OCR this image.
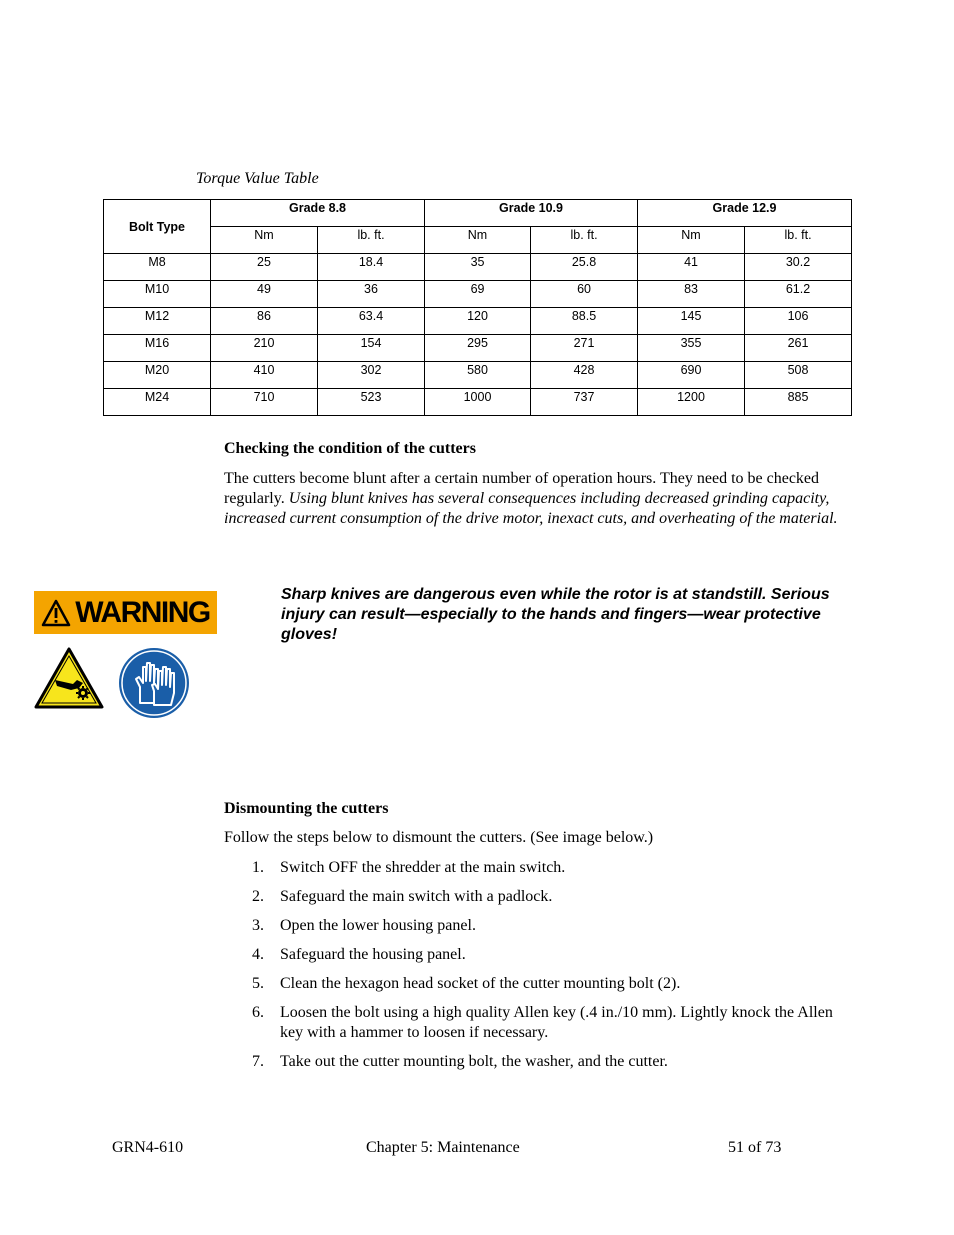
Torque Value Table
Bolt Type	Grade 8.8		Grade 10.9		Grade 12.9	
	Nm	lb. ft.	Nm	lb. ft.	Nm	lb. ft.
M8	25	18.4	35	25.8	41	30.2
M10	49	36	69	60	83	61.2
M12	86	63.4	120	88.5	145	106
M16	210	154	295	271	355	261
M20	410	302	580	428	690	508
M24	710	523	1000	737	1200	885
Checking the condition of the cutters
The cutters become blunt after a certain number of operation hours. They need to be checked regularly. Using blunt knives has several consequences including decreased grinding capacity, increased current consumption of the drive motor, inexact cuts, and overheating of the material.
WARNING
Sharp knives are dangerous even while the rotor is at standstill. Serious injury can result—especially to the hands and fingers—wear protective gloves!
Dismounting the cutters
Follow the steps below to dismount the cutters. (See image below.)
1. Switch OFF the shredder at the main switch.
2. Safeguard the main switch with a padlock.
3. Open the lower housing panel.
4. Safeguard the housing panel.
5. Clean the hexagon head socket of the cutter mounting bolt (2).
6. Loosen the bolt using a high quality Allen key (.4 in./10 mm). Lightly knock the Allen key with a hammer to loosen if necessary.
7. Take out the cutter mounting bolt, the washer, and the cutter.
GRN4-610	Chapter 5: Maintenance	51 of 73
